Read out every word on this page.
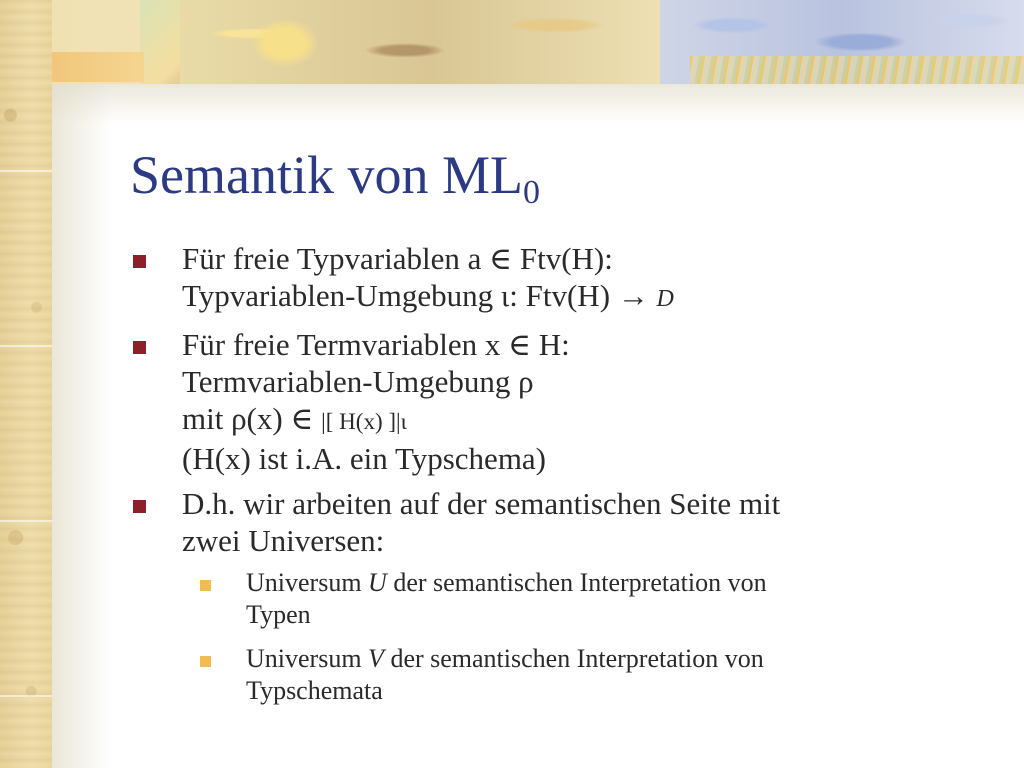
Semantik von $ML_0$
Für freie Typvariablen a ∈ Ftv(H):
Typvariablen-Umgebung ι: Ftv(H) → D
Für freie Termvariablen x ∈ H:
Termvariablen-Umgebung ρ
mit ρ(x) ∈ |[ H(x) ]|ι
(H(x) ist i.A. ein Typschema)
D.h. wir arbeiten auf der semantischen Seite mit
zwei Universen:
Universum U der semantischen Interpretation von
Typen
Universum V der semantischen Interpretation von
Typschemata
